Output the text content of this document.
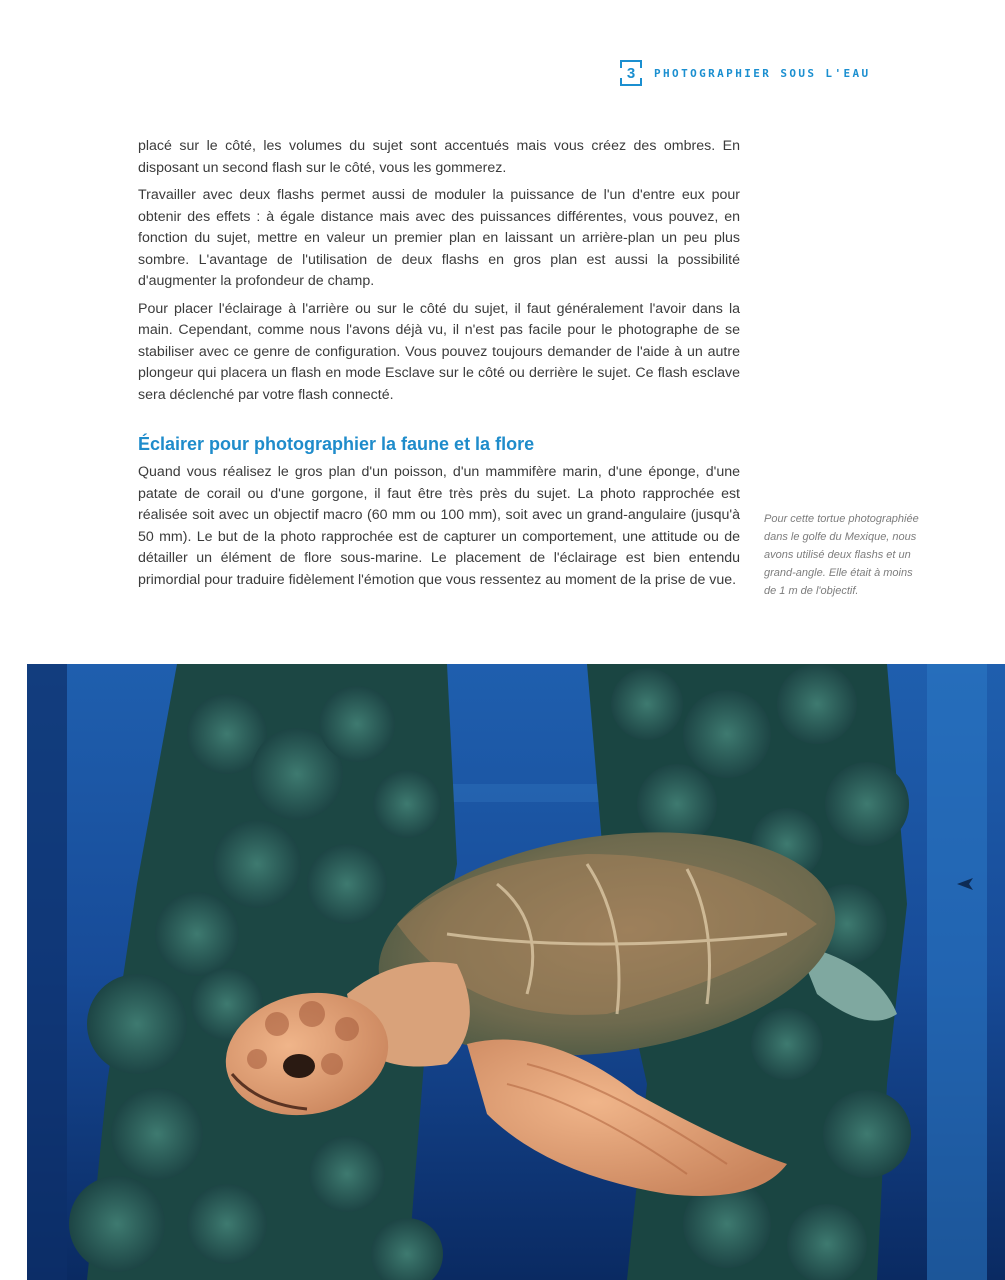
3 PHOTOGRAPHIER SOUS L'EAU

placé sur le côté, les volumes du sujet sont accentués mais vous créez des ombres. En disposant un second flash sur le côté, vous les gommerez.

Travailler avec deux flashs permet aussi de moduler la puissance de l'un d'entre eux pour obtenir des effets : à égale distance mais avec des puissances différentes, vous pouvez, en fonction du sujet, mettre en valeur un premier plan en laissant un arrière-plan un peu plus sombre. L'avantage de l'utilisation de deux flashs en gros plan est aussi la possibilité d'augmenter la profondeur de champ.

Pour placer l'éclairage à l'arrière ou sur le côté du sujet, il faut généralement l'avoir dans la main. Cependant, comme nous l'avons déjà vu, il n'est pas facile pour le photographe de se stabiliser avec ce genre de configuration. Vous pouvez toujours demander de l'aide à un autre plongeur qui placera un flash en mode Esclave sur le côté ou derrière le sujet. Ce flash esclave sera déclenché par votre flash connecté.

Éclairer pour photographier la faune et la flore

Quand vous réalisez le gros plan d'un poisson, d'un mammifère marin, d'une éponge, d'une patate de corail ou d'une gorgone, il faut être très près du sujet. La photo rapprochée est réalisée soit avec un objectif macro (60 mm ou 100 mm), soit avec un grand-angulaire (jusqu'à 50 mm). Le but de la photo rapprochée est de capturer un comportement, une attitude ou de détailler un élément de flore sous-marine. Le placement de l'éclairage est bien entendu primordial pour traduire fidèlement l'émotion que vous ressentez au moment de la prise de vue.

Pour cette tortue photographiée dans le golfe du Mexique, nous avons utilisé deux flashs et un grand-angle. Elle était à moins de 1 m de l'objectif.
